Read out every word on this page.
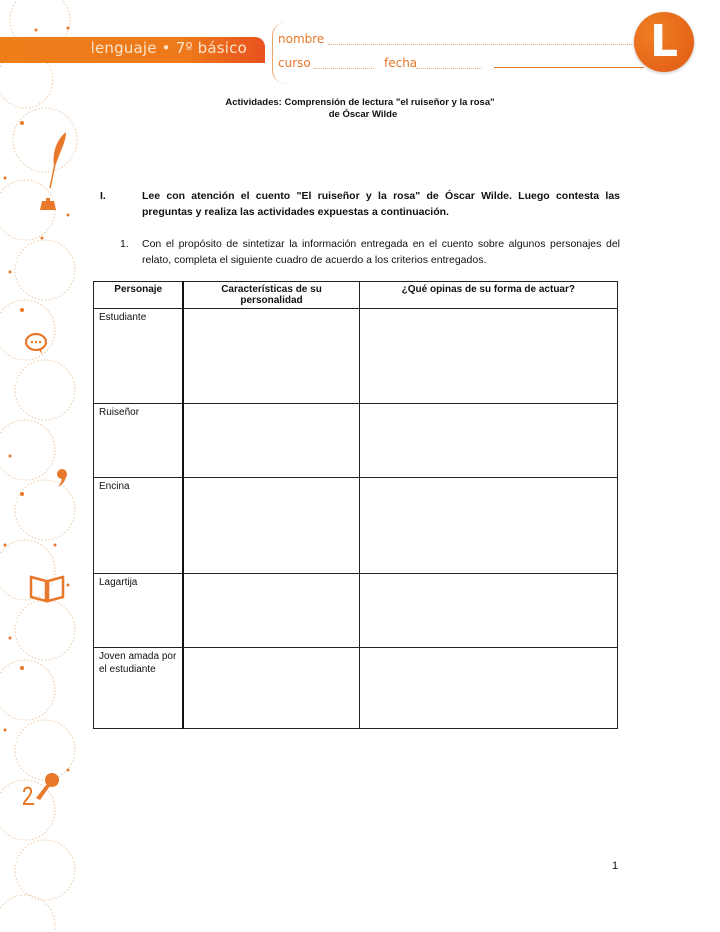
lenguaje • 7º básico	nombre
curso	fecha	L
Actividades: Comprensión de lectura "el ruiseñor y la rosa"
de Óscar Wilde
I.	Lee con atención el cuento "El ruiseñor y la rosa" de Óscar Wilde. Luego contesta las preguntas y realiza las actividades expuestas a continuación.
1. Con el propósito de sintetizar la información entregada en el cuento sobre algunos personajes del relato, completa el siguiente cuadro de acuerdo a los criterios entregados.
Personaje	Características de su personalidad	¿Qué opinas de su forma de actuar?
Estudiante		
Ruiseñor		
Encina		
Lagartija		
Joven amada por el estudiante		
1
